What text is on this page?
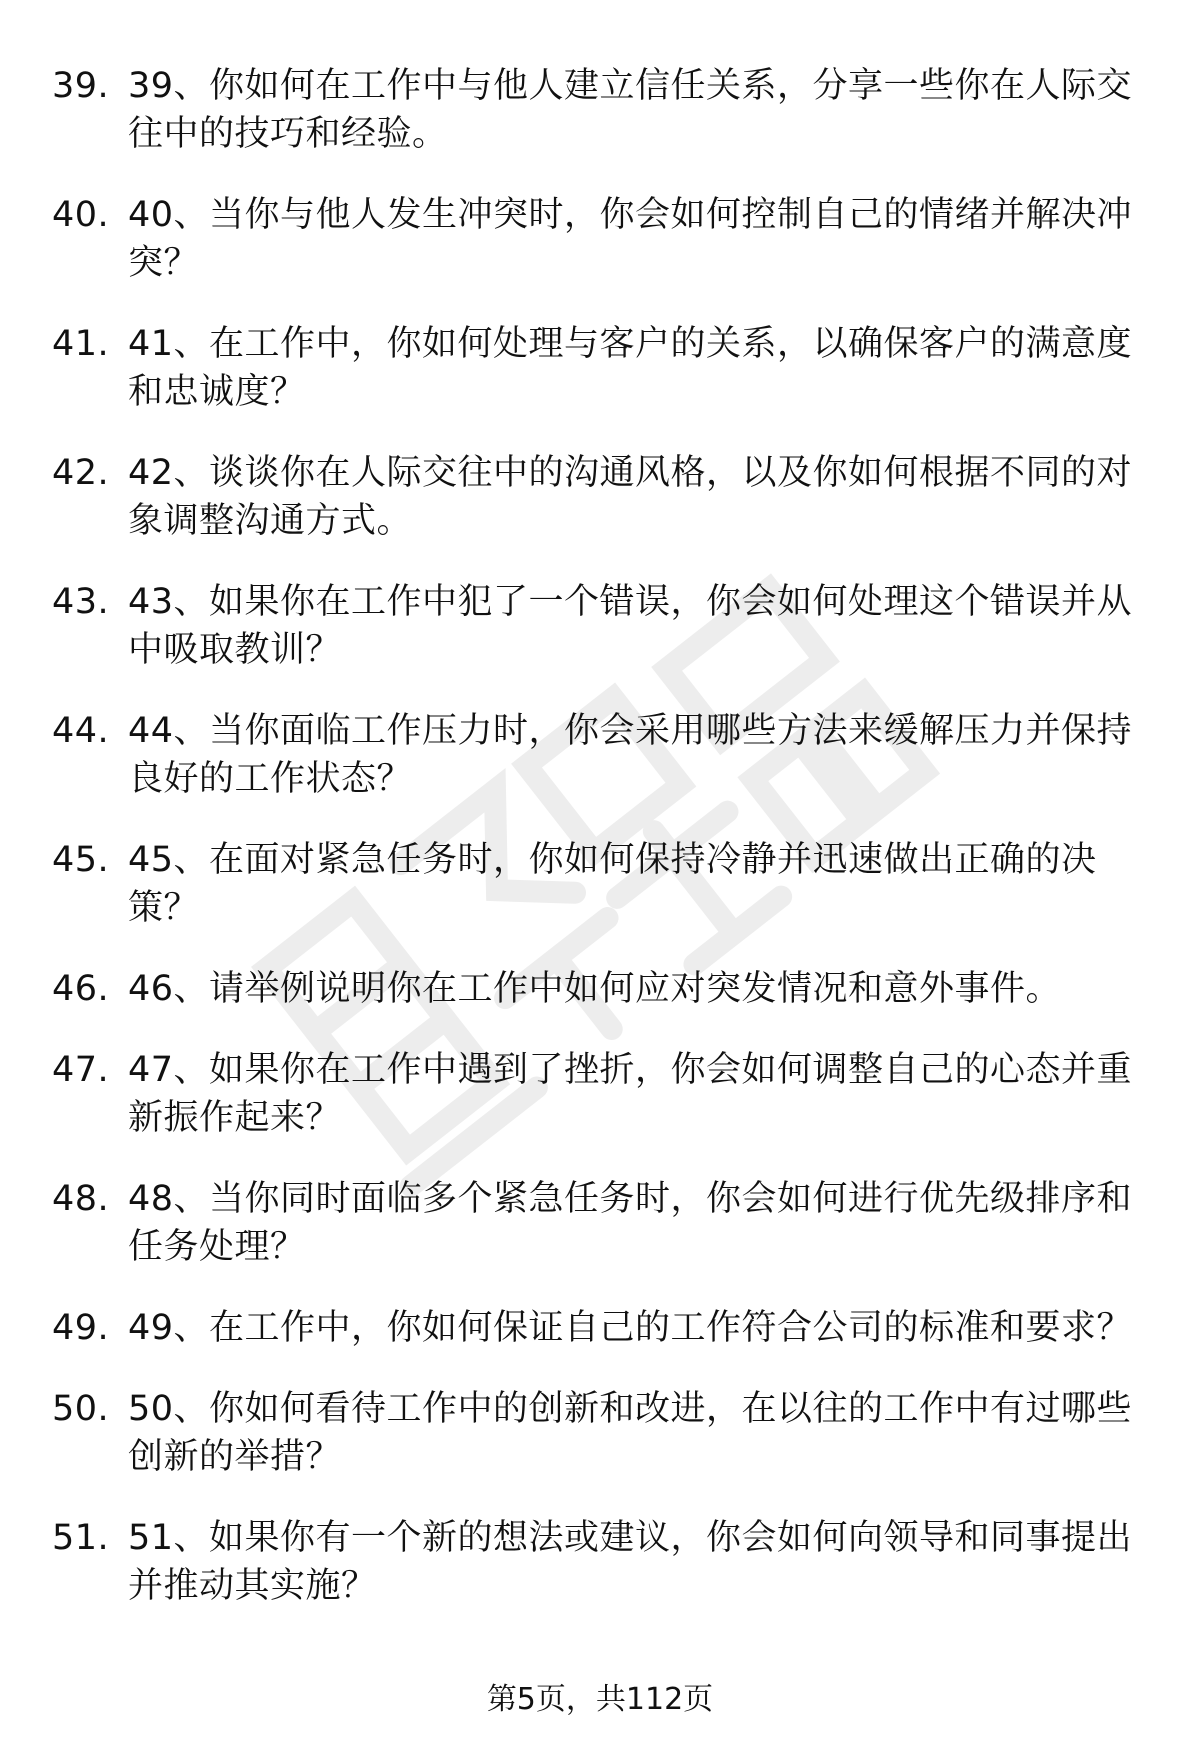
39. 39、你如何在工作中与他人建立信任关系，分享一些你在人际交往中的技巧和经验。
40. 40、当你与他人发生冲突时，你会如何控制自己的情绪并解决冲突？
41. 41、在工作中，你如何处理与客户的关系，以确保客户的满意度和忠诚度？
42. 42、谈谈你在人际交往中的沟通风格，以及你如何根据不同的对象调整沟通方式。
43. 43、如果你在工作中犯了一个错误，你会如何处理这个错误并从中吸取教训？
44. 44、当你面临工作压力时，你会采用哪些方法来缓解压力并保持良好的工作状态？
45. 45、在面对紧急任务时，你如何保持冷静并迅速做出正确的决策？
46. 46、请举例说明你在工作中如何应对突发情况和意外事件。
47. 47、如果你在工作中遇到了挫折，你会如何调整自己的心态并重新振作起来？
48. 48、当你同时面临多个紧急任务时，你会如何进行优先级排序和任务处理？
49. 49、在工作中，你如何保证自己的工作符合公司的标准和要求？
50. 50、你如何看待工作中的创新和改进，在以往的工作中有过哪些创新的举措？
51. 51、如果你有一个新的想法或建议，你会如何向领导和同事提出并推动其实施？
第5页，共112页
